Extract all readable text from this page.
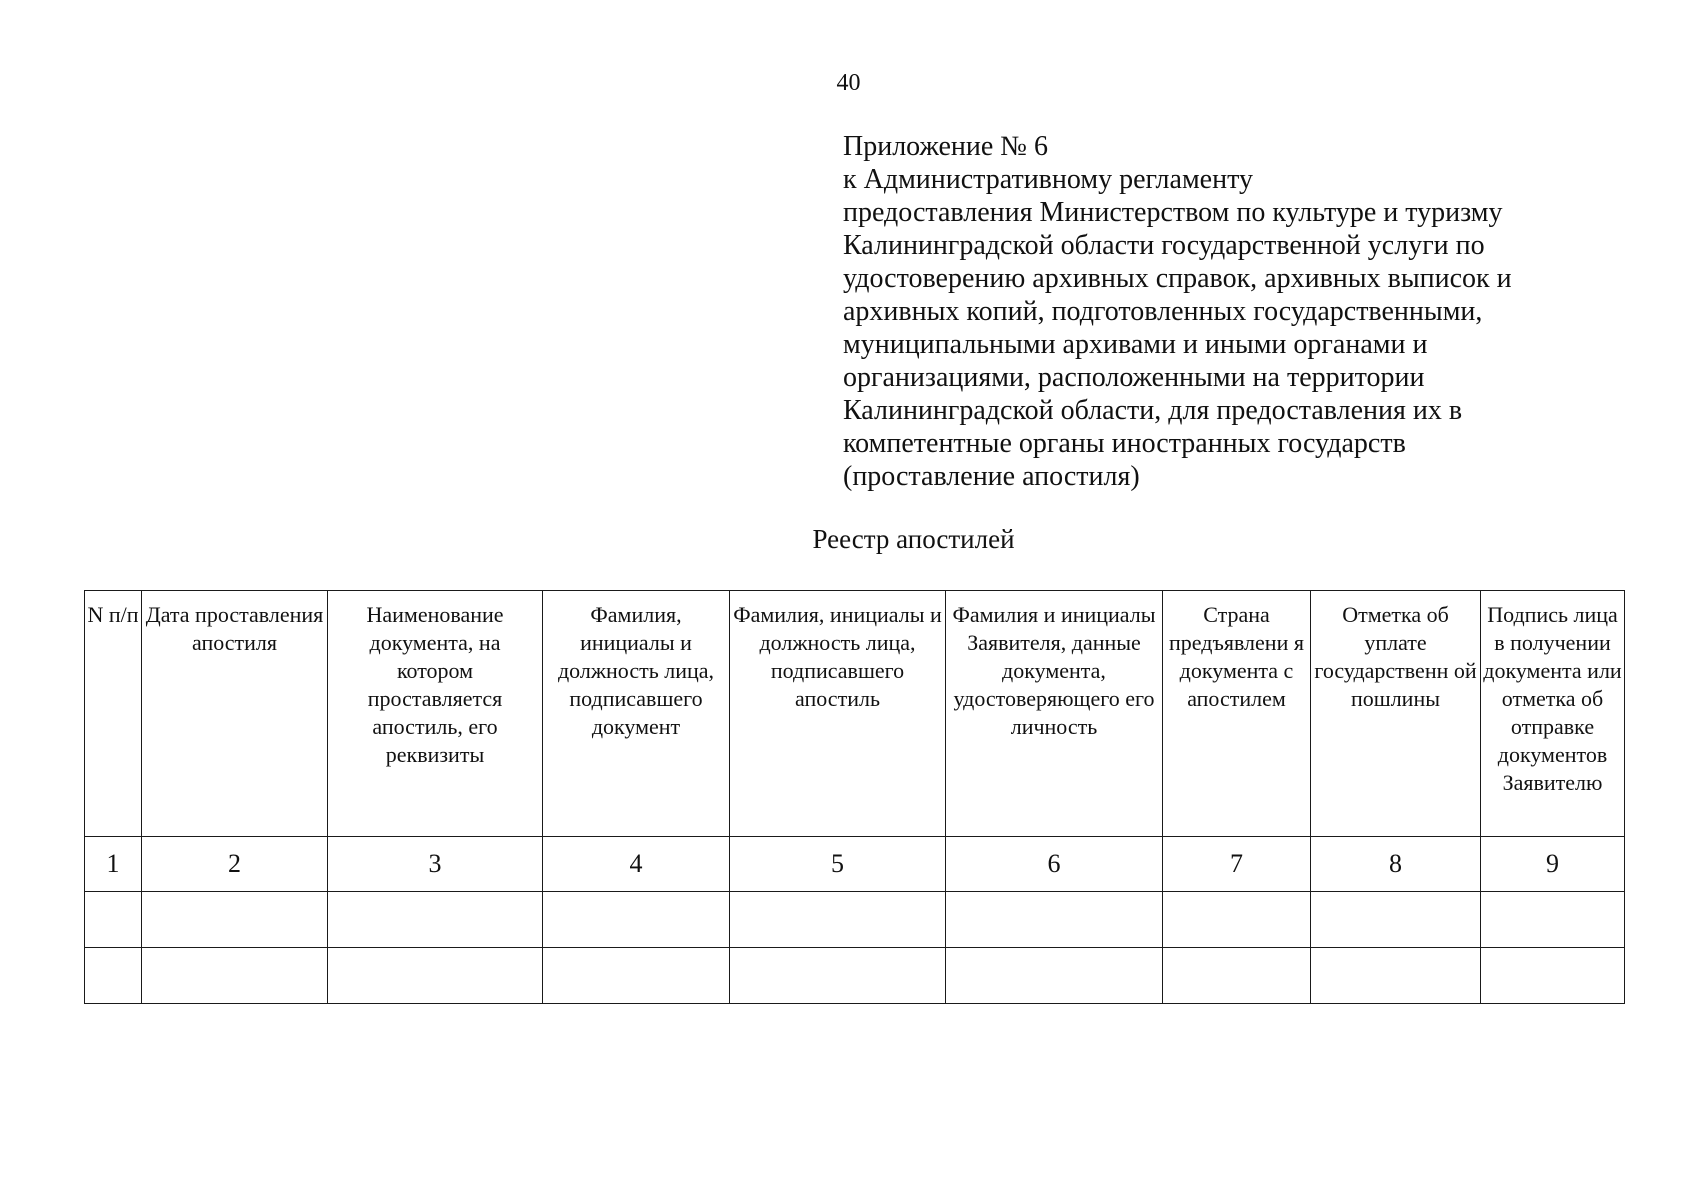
40
Приложение № 6
к Административному регламенту
предоставления Министерством по культуре и туризму
Калининградской области государственной услуги по
удостоверению архивных справок, архивных выписок и
архивных копий, подготовленных государственными,
муниципальными архивами и иными органами и
организациями, расположенными на территории
Калининградской области, для предоставления их в
компетентные органы иностранных государств
(проставление апостиля)
Реестр апостилей
N п/п	Дата проставления апостиля	Наименование документа, на котором проставляется апостиль, его реквизиты	Фамилия, инициалы и должность лица, подписавшего документ	Фамилия, инициалы и должность лица, подписавшего апостиль	Фамилия и инициалы Заявителя, данные документа, удостоверяющего его личность	Страна предъявлени я документа с апостилем	Отметка об уплате государственн ой пошлины	Подпись лица в получении документа или отметка об отправке документов Заявителю
1	2	3	4	5	6	7	8	9
